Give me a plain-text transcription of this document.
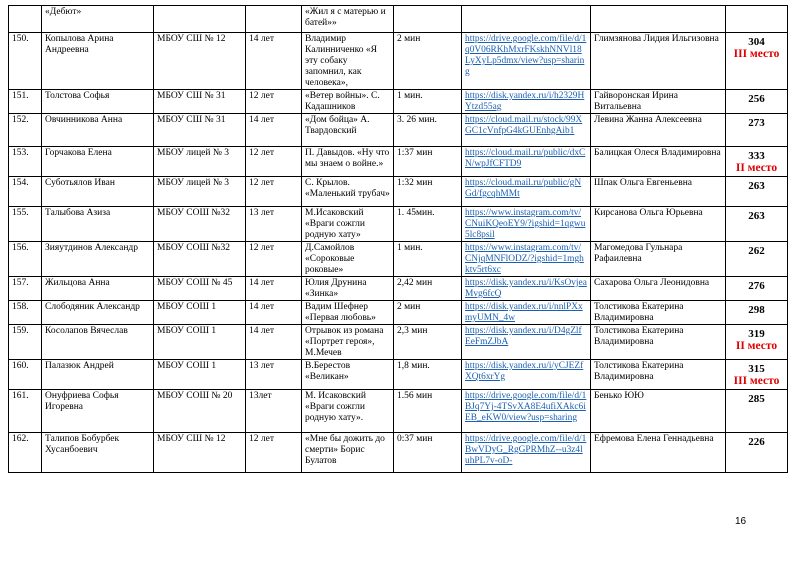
	«Дебют»			«Жил я с матерью и батей»»				
150.	Копылова Арина Андреевна	МБОУ СШ № 12	14 лет	Владимир Калинниченко «Я эту собаку запомнил, как человека»,	2 мин	https://drive.google.com/file/d/1q0V06RKhMxrFKskhNNVl18LyXyLp5dmx/view?usp=sharing	Глимзянова Лидия Ильгизовна	304
III место

151.	Толстова Софья	МБОУ СШ № 31	12 лет	«Ветер войны». С. Кадашников	1 мин.	https://disk.yandex.ru/i/h2329HYtzd55ag	Гайворонская Ирина Витальевна	256

152.	Овчинникова Анна	МБОУ СШ № 31	14 лет	«Дом бойца» А. Твардовский	3. 26 мин.	https://cloud.mail.ru/stock/99XGC1cVnfpG4kGUEnhgAib1	Левина Жанна Алексеевна	273

153.	Горчакова Елена	МБОУ лицей № 3	12 лет	П. Давыдов. «Ну что мы знаем о войне.»	1:37 мин	https://cloud.mail.ru/public/dxCN/wpJfCFTD9	Балицкая Олеся Владимировна	333
II место

154.	Суботьялов Иван	МБОУ лицей № 3	12 лет	С. Крылов. «Маленький трубач»	1:32 мин	https://cloud.mail.ru/public/gNGd/fgcqhMMt	Шпак Ольга Евгеньевна	263

155.	Талыбова Азиза	МБОУ СОШ №32	13 лет	М.Исаковский «Враги сожгли родную хату»	1. 45мин.	https://www.instagram.com/tv/CNuiKQeoEY9/?igshid=1qgwu5lc8psil	Кирсанова Ольга Юрьевна	263

156.	Зияутдинов Александр	МБОУ СОШ №32	12 лет	Д.Самойлов «Сороковые роковые»	1 мин.	https://www.instagram.com/tv/CNjqMNFlODZ/?igshid=1mghktv5rt6xc	Магомедова Гульнара Рафаилевна	262

157.	Жильцова Анна	МБОУ СОШ № 45	14 лет	Юлия Друнина «Зинка»	2,42 мин	https://disk.yandex.ru/i/KsOvjeaMvg6fcQ	Сахарова Ольга Леонидовна	276

158.	Слободяник Александр	МБОУ СОШ 1	14 лет	Вадим Шефнер «Первая любовь»	2 мин	https://disk.yandex.ru/i/nnlPXxmyUMN_4w	Толстикова Екатерина Владимировна	298

159.	Косолапов Вячеслав	МБОУ СОШ 1	14 лет	Отрывок из романа «Портрет героя», М.Мечев	2,3 мин	https://disk.yandex.ru/i/D4gZlfEeFmZJbA	Толстикова Екатерина Владимировна	319
II место

160.	Палазюк Андрей	МБОУ СОШ 1	13 лет	В.Берестов «Великан»	1,8 мин.	https://disk.yandex.ru/i/yCJEZfXQt6xrYg	Толстикова Екатерина Владимировна	315
III место

161.	Онуфриева Софья Игоревна	МБОУ СОШ № 20	13лет	М. Исаковский «Враги сожгли родную хату».	1.56 мин	https://drive.google.com/file/d/1BJq7Yj-4TSvXA8E4ufiXAkc6iEB_eKW0/view?usp=sharing	Бенько ЮЮ	285

162.	Талипов Бобурбек Хусанбоевич	МБОУ СШ № 12	12 лет	«Мне бы дожить до смерти» Борис Булатов	0:37 мин	https://drive.google.com/file/d/1BwVDyG_RgGPRMhZ--u3z4luhPL7v-oD-	Ефремова Елена Геннадьевна	226
16
